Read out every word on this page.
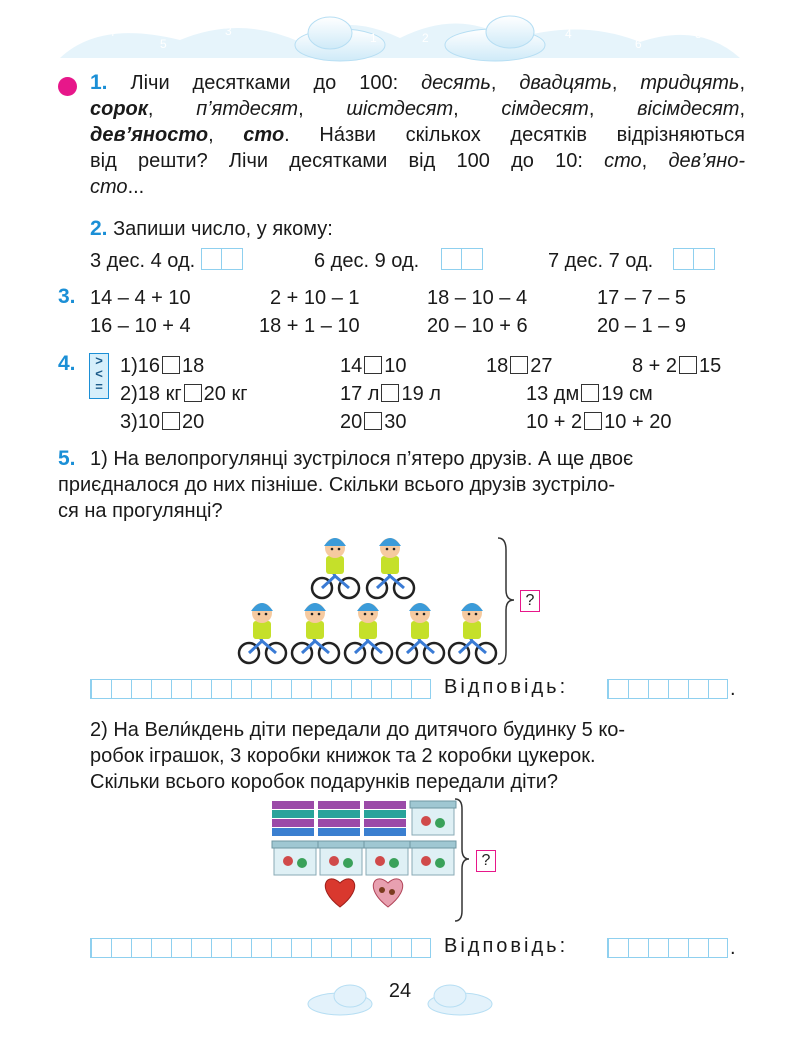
7
5
3	1
0
2	4
6
8
1. Лічи десятками до 100: десять, двадцять, тридцять,
сорок, п’ятдесят, шістдесят, сімдесят, вісімдесят,
дев’яносто, сто. На́зви скількох десятків відрізняються
від решти? Лічи десятками від 100 до 10: сто, дев’яно-
сто...
2. Запиши число, у якому:
3 дес. 4 од.	6 дес. 9 од.	7 дес. 7 од.
3. 14 – 4 + 10	2 + 10 – 1	18 – 10 – 4	17 – 7 – 5
16 – 10 + 4	18 + 1 – 10	20 – 10 + 6	20 – 1 – 9
4.	>
<
=
1)16 18	14 10	18 27	8 + 2 15
2)18 кг 20 кг	17 л 19 л	13 дм 19 см
3)10 20	20 30	10 + 2 10 + 20
5. 1) На велопрогулянці зустрілося п’ятеро друзів. А ще двоє
приєдналося до них пізніше. Скільки всього друзів зустріло-
ся на прогулянці?
?
Відповідь:	.
2) На Вели́кдень діти передали до дитячого будинку 5 ко-
робок іграшок, 3 коробки книжок та 2 коробки цукерок.
Скільки всього коробок подарунків передали діти?
?
Відповідь:	.
24
